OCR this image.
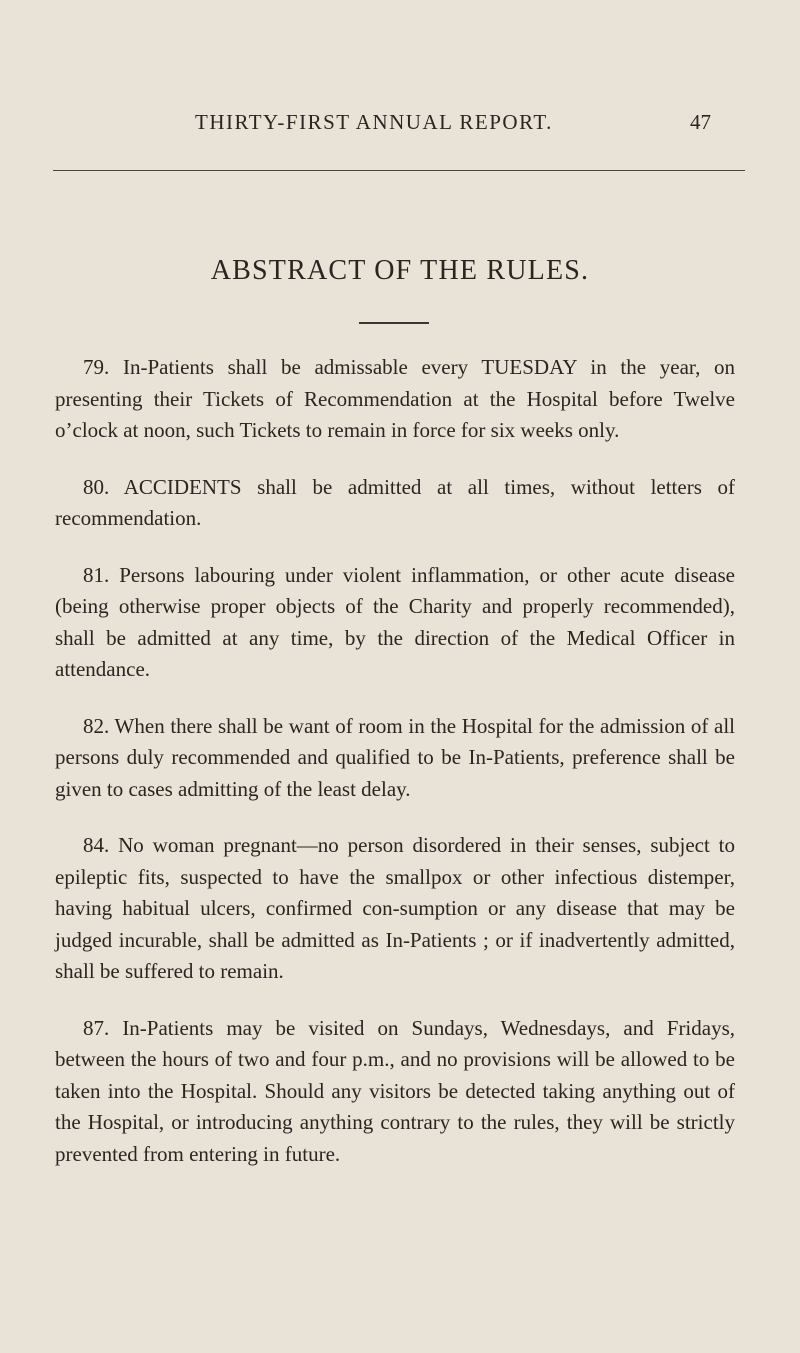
THIRTY-FIRST ANNUAL REPORT.	47
ABSTRACT OF THE RULES.

79. In-Patients shall be admissable every TUESDAY in the year, on presenting their Tickets of Recommendation at the Hospital before Twelve o’clock at noon, such Tickets to remain in force for six weeks only.

80. ACCIDENTS shall be admitted at all times, without letters of recommendation.

81. Persons labouring under violent inflammation, or other acute disease (being otherwise proper objects of the Charity and properly recommended), shall be admitted at any time, by the direction of the Medical Officer in attendance.

82. When there shall be want of room in the Hospital for the admission of all persons duly recommended and qualified to be In-Patients, preference shall be given to cases admitting of the least delay.

84. No woman pregnant—no person disordered in their senses, subject to epileptic fits, suspected to have the smallpox or other infectious distemper, having habitual ulcers, confirmed con-sumption or any disease that may be judged incurable, shall be admitted as In-Patients ; or if inadvertently admitted, shall be suffered to remain.

87. In-Patients may be visited on Sundays, Wednesdays, and Fridays, between the hours of two and four p.m., and no provisions will be allowed to be taken into the Hospital. Should any visitors be detected taking anything out of the Hospital, or introducing anything contrary to the rules, they will be strictly prevented from entering in future.
